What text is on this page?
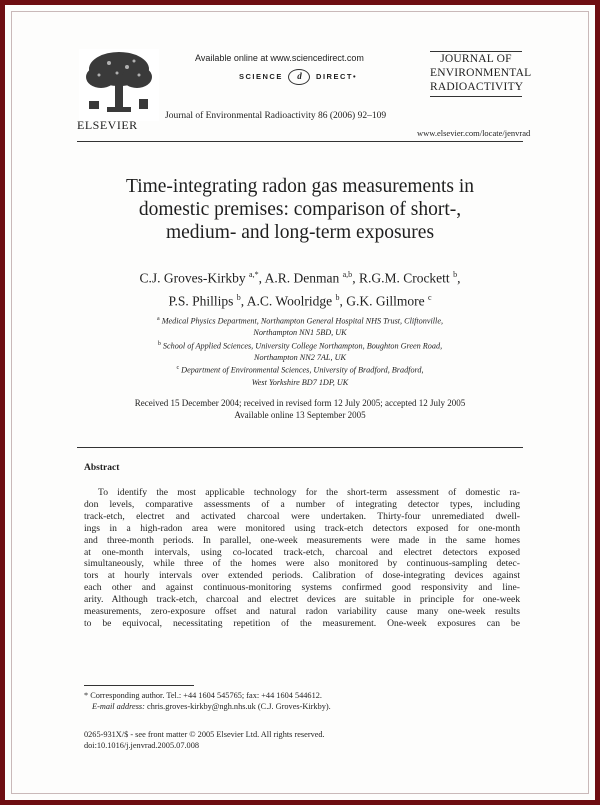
ELSEVIER
Available online at www.sciencedirect.com
SCIENCE d DIRECT•
Journal of Environmental Radioactivity 86 (2006) 92–109
JOURNAL OF
ENVIRONMENTAL
RADIOACTIVITY
www.elsevier.com/locate/jenvrad
Time-integrating radon gas measurements in
domestic premises: comparison of short-,
medium- and long-term exposures
C.J. Groves-Kirkby $^{a,*}$, A.R. Denman $^{a,b}$, R.G.M. Crockett $^b$,
P.S. Phillips $^b$, A.C. Woolridge $^b$, G.K. Gillmore $^c$
$^a$ Medical Physics Department, Northampton General Hospital NHS Trust, Cliftonville,
Northampton NN1 5BD, UK
$^b$ School of Applied Sciences, University College Northampton, Boughton Green Road,
Northampton NN2 7AL, UK
$^c$ Department of Environmental Sciences, University of Bradford, Bradford,
West Yorkshire BD7 1DP, UK
Received 15 December 2004; received in revised form 12 July 2005; accepted 12 July 2005
Available online 13 September 2005
Abstract
To identify the most applicable technology for the short-term assessment of domestic ra-
don levels, comparative assessments of a number of integrating detector types, including
track-etch, electret and activated charcoal were undertaken. Thirty-four unremediated dwell-
ings in a high-radon area were monitored using track-etch detectors exposed for one-month
and three-month periods. In parallel, one-week measurements were made in the same homes
at one-month intervals, using co-located track-etch, charcoal and electret detectors exposed
simultaneously, while three of the homes were also monitored by continuous-sampling detec-
tors at hourly intervals over extended periods. Calibration of dose-integrating devices against
each other and against continuous-monitoring systems confirmed good responsivity and line-
arity. Although track-etch, charcoal and electret devices are suitable in principle for one-week
measurements, zero-exposure offset and natural radon variability cause many one-week results
to be equivocal, necessitating repetition of the measurement. One-week exposures can be
* Corresponding author. Tel.: +44 1604 545765; fax: +44 1604 544612.
E-mail address: chris.groves-kirkby@ngh.nhs.uk (C.J. Groves-Kirkby).
0265-931X/$ - see front matter © 2005 Elsevier Ltd. All rights reserved.
doi:10.1016/j.jenvrad.2005.07.008
